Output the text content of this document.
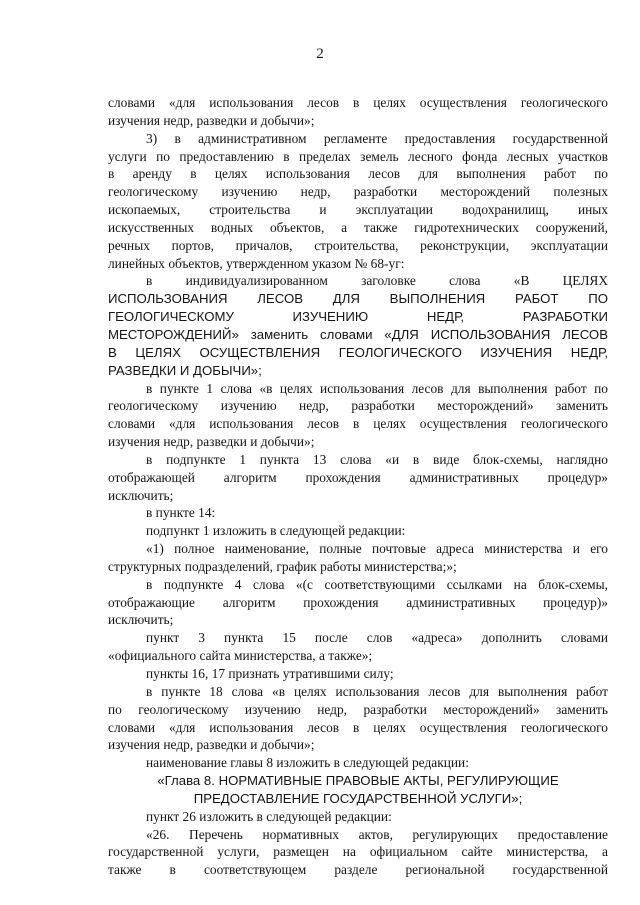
2
словами «для использования лесов в целях осуществления геологического
изучения недр, разведки и добычи»;
3) в административном регламенте предоставления государственной
услуги по предоставлению в пределах земель лесного фонда лесных участков
в аренду в целях использования лесов для выполнения работ по
геологическому изучению недр, разработки месторождений полезных
ископаемых, строительства и эксплуатации водохранилищ, иных
искусственных водных объектов, а также гидротехнических сооружений,
речных портов, причалов, строительства, реконструкции, эксплуатации
линейных объектов, утвержденном указом № 68-уг:
в индивидуализированном заголовке слова «В ЦЕЛЯХ
ИСПОЛЬЗОВАНИЯ ЛЕСОВ ДЛЯ ВЫПОЛНЕНИЯ РАБОТ ПО
ГЕОЛОГИЧЕСКОМУ ИЗУЧЕНИЮ НЕДР, РАЗРАБОТКИ
МЕСТОРОЖДЕНИЙ» заменить словами «ДЛЯ ИСПОЛЬЗОВАНИЯ ЛЕСОВ
В ЦЕЛЯХ ОСУЩЕСТВЛЕНИЯ ГЕОЛОГИЧЕСКОГО ИЗУЧЕНИЯ НЕДР,
РАЗВЕДКИ И ДОБЫЧИ»;
в пункте 1 слова «в целях использования лесов для выполнения работ по
геологическому изучению недр, разработки месторождений» заменить
словами «для использования лесов в целях осуществления геологического
изучения недр, разведки и добычи»;
в подпункте 1 пункта 13 слова «и в виде блок-схемы, наглядно
отображающей алгоритм прохождения административных процедур»
исключить;
в пункте 14:
подпункт 1 изложить в следующей редакции:
«1) полное наименование, полные почтовые адреса министерства и его
структурных подразделений, график работы министерства;»;
в подпункте 4 слова «(с соответствующими ссылками на блок-схемы,
отображающие алгоритм прохождения административных процедур)»
исключить;
пункт 3 пункта 15 после слов «адреса» дополнить словами
«официального сайта министерства, а также»;
пункты 16, 17 признать утратившими силу;
в пункте 18 слова «в целях использования лесов для выполнения работ
по геологическому изучению недр, разработки месторождений» заменить
словами «для использования лесов в целях осуществления геологического
изучения недр, разведки и добычи»;
наименование главы 8 изложить в следующей редакции:
«Глава 8. НОРМАТИВНЫЕ ПРАВОВЫЕ АКТЫ, РЕГУЛИРУЮЩИЕ
ПРЕДОСТАВЛЕНИЕ ГОСУДАРСТВЕННОЙ УСЛУГИ»;
пункт 26 изложить в следующей редакции:
«26. Перечень нормативных актов, регулирующих предоставление
государственной услуги, размещен на официальном сайте министерства, а
также в соответствующем разделе региональной государственной
